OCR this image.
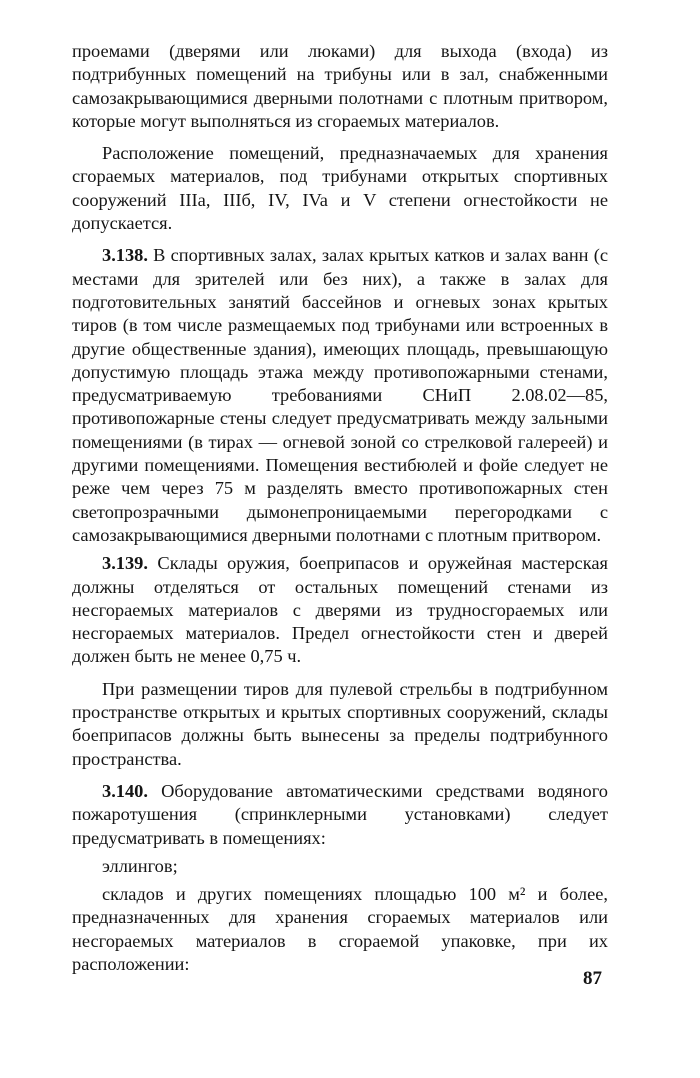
проемами (дверями или люками) для выхода (входа) из подтрибунных помещений на трибуны или в зал, снабженными самозакрывающимися дверными полотнами с плотным притвором, которые могут выполняться из сгораемых материалов.

Расположение помещений, предназначаемых для хранения сгораемых материалов, под трибунами открытых спортивных сооружений IIIа, IIIб, IV, IVa и V степени огнестойкости не допускается.

3.138. В спортивных залах, залах крытых катков и залах ванн (с местами для зрителей или без них), а также в залах для подготовительных занятий бассейнов и огневых зонах крытых тиров (в том числе размещаемых под трибунами или встроенных в другие общественные здания), имеющих площадь, превышающую допустимую площадь этажа между противопожарными стенами, предусматриваемую требованиями СНиП 2.08.02—85, противопожарные стены следует предусматривать между зальными помещениями (в тирах — огневой зоной со стрелковой галереей) и другими помещениями. Помещения вестибюлей и фойе следует не реже чем через 75 м разделять вместо противопожарных стен светопрозрачными дымонепроницаемыми перегородками с самозакрывающимися дверными полотнами с плотным притвором.

3.139. Склады оружия, боеприпасов и оружейная мастерская должны отделяться от остальных помещений стенами из несгораемых материалов с дверями из трудносгораемых или несгораемых материалов. Предел огнестойкости стен и дверей должен быть не менее 0,75 ч.

При размещении тиров для пулевой стрельбы в подтрибунном пространстве открытых и крытых спортивных сооружений, склады боеприпасов должны быть вынесены за пределы подтрибунного пространства.

3.140. Оборудование автоматическими средствами водяного пожаротушения (спринклерными установками) следует предусматривать в помещениях:

эллингов;

складов и других помещениях площадью 100 м² и более, предназначенных для хранения сгораемых материалов или несгораемых материалов в сгораемой упаковке, при их расположении:

87
